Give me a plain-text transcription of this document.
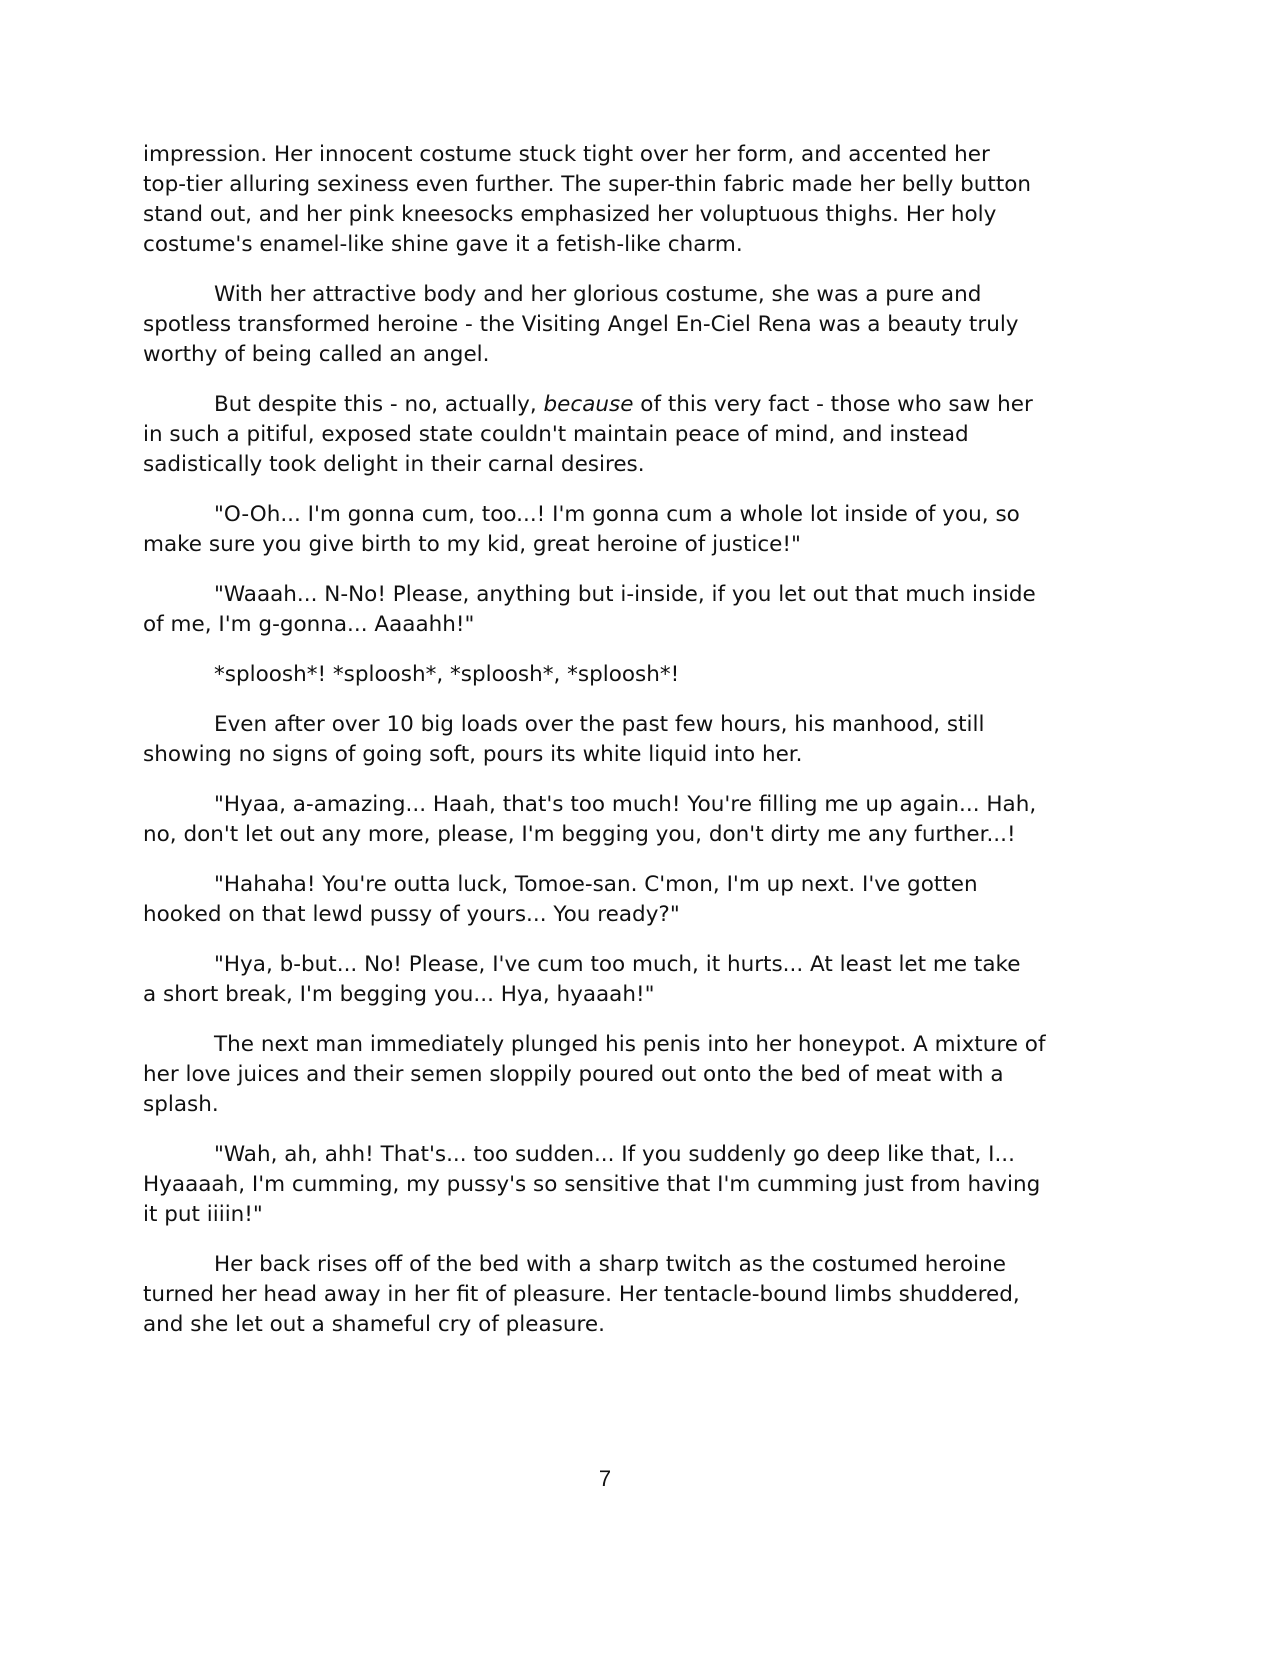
impression. Her innocent costume stuck tight over her form, and accented her
top-tier alluring sexiness even further. The super-thin fabric made her belly button
stand out, and her pink kneesocks emphasized her voluptuous thighs. Her holy
costume's enamel-like shine gave it a fetish-like charm.
With her attractive body and her glorious costume, she was a pure and
spotless transformed heroine - the Visiting Angel En-Ciel Rena was a beauty truly
worthy of being called an angel.
But despite this - no, actually, because of this very fact - those who saw her
in such a pitiful, exposed state couldn't maintain peace of mind, and instead
sadistically took delight in their carnal desires.
"O-Oh... I'm gonna cum, too...! I'm gonna cum a whole lot inside of you, so
make sure you give birth to my kid, great heroine of justice!"
"Waaah... N-No! Please, anything but i-inside, if you let out that much inside
of me, I'm g-gonna... Aaaahh!"
*sploosh*! *sploosh*, *sploosh*, *sploosh*!
Even after over 10 big loads over the past few hours, his manhood, still
showing no signs of going soft, pours its white liquid into her.
"Hyaa, a-amazing... Haah, that's too much! You're filling me up again... Hah,
no, don't let out any more, please, I'm begging you, don't dirty me any further...!
"Hahaha! You're outta luck, Tomoe-san. C'mon, I'm up next. I've gotten
hooked on that lewd pussy of yours... You ready?"
"Hya, b-but... No! Please, I've cum too much, it hurts... At least let me take
a short break, I'm begging you... Hya, hyaaah!"
The next man immediately plunged his penis into her honeypot. A mixture of
her love juices and their semen sloppily poured out onto the bed of meat with a
splash.
"Wah, ah, ahh! That's... too sudden... If you suddenly go deep like that, I...
Hyaaaah, I'm cumming, my pussy's so sensitive that I'm cumming just from having
it put iiiin!"
Her back rises off of the bed with a sharp twitch as the costumed heroine
turned her head away in her fit of pleasure. Her tentacle-bound limbs shuddered,
and she let out a shameful cry of pleasure.
7
